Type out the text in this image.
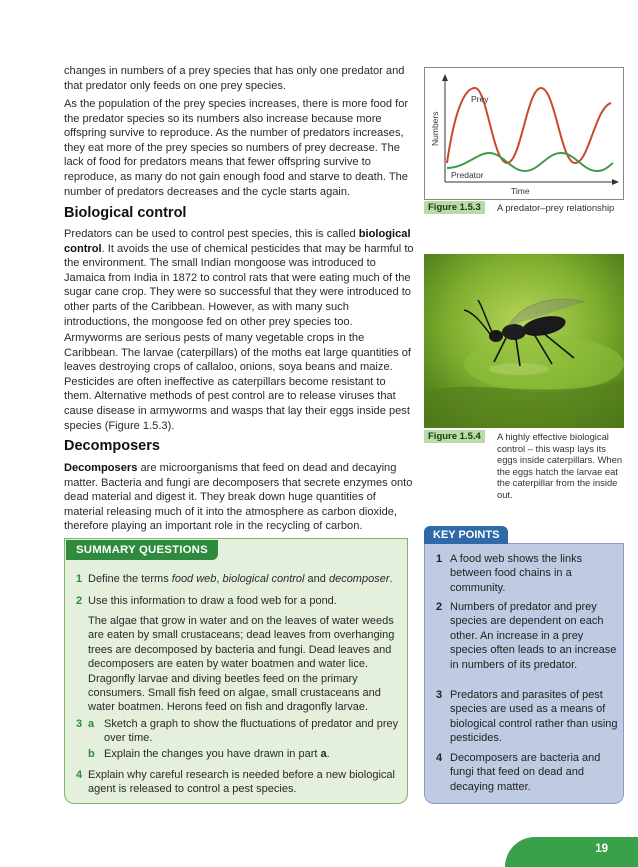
changes in numbers of a prey species that has only one predator and that predator only feeds on one prey species.

As the population of the prey species increases, there is more food for the predator species so its numbers also increase because more offspring survive to reproduce. As the number of predators increases, they eat more of the prey species so numbers of prey decrease. The lack of food for predators means that fewer offspring survive to reproduce, as many do not gain enough food and starve to death. The number of predators decreases and the cycle starts again.

Biological control

Predators can be used to control pest species, this is called biological control. It avoids the use of chemical pesticides that may be harmful to the environment. The small Indian mongoose was introduced to Jamaica from India in 1872 to control rats that were eating much of the sugar cane crop. They were so successful that they were introduced to other parts of the Caribbean. However, as with many such introductions, the mongoose fed on other prey species too.

Armyworms are serious pests of many vegetable crops in the Caribbean. The larvae (caterpillars) of the moths eat large quantities of leaves destroying crops of callaloo, onions, soya beans and maize. Pesticides are often ineffective as caterpillars become resistant to them. Alternative methods of pest control are to release viruses that cause disease in armyworms and wasps that lay their eggs inside pest species (Figure 1.5.3).

Decomposers

Decomposers are microorganisms that feed on dead and decaying matter. Bacteria and fungi are decomposers that secrete enzymes onto dead material and digest it. They break down huge quantities of material releasing much of it into the atmosphere as carbon dioxide, therefore playing an important role in the recycling of carbon.

SUMMARY QUESTIONS
1 Define the terms food web, biological control and decomposer.
2 Use this information to draw a food web for a pond.

The algae that grow in water and on the leaves of water weeds are eaten by small crustaceans; dead leaves from overhanging trees are decomposed by bacteria and fungi. Dead leaves and decomposers are eaten by water boatmen and water lice. Dragonfly larvae and diving beetles feed on the primary consumers. Small fish feed on algae, small crustaceans and water boatmen. Herons feed on fish and dragonfly larvae.

3 a Sketch a graph to show the fluctuations of predator and prey over time.
b Explain the changes you have drawn in part a.
4 Explain why careful research is needed before a new biological agent is released to control a pest species.
Prey
Predator
Time
Numbers
Figure 1.5.3	A predator–prey relationship
Figure 1.5.4	A highly effective biological control – this wasp lays its eggs inside caterpillars. When the eggs hatch the larvae eat the caterpillar from the inside out.
KEY POINTS
1 A food web shows the links between food chains in a community.
2 Numbers of predator and prey species are dependent on each other. An increase in a prey species often leads to an increase in numbers of its predator.
3 Predators and parasites of pest species are used as a means of biological control rather than using pesticides.
4 Decomposers are bacteria and fungi that feed on dead and decaying matter.
19
